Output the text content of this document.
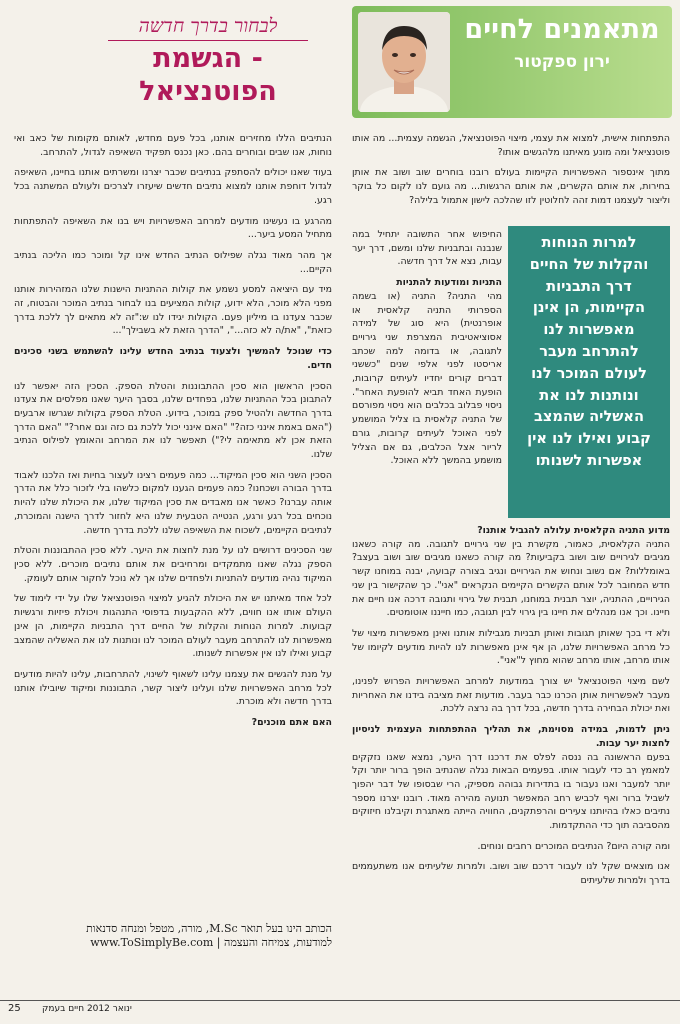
לבחור בדרך חדשה
- הגשמת
הפוטנציאל
מתאמנים לחיים
ירון ספקטור

התפתחות אישית, למצוא את עצמי, מיצוי הפוטנציאל, הגשמה עצמית... מה אותו פוטנציאל ומה מונע מאיתנו מלהגשים אותו?

מתוך אינספור האפשרויות הקיימות בעולם רובנו בוחרים שוב ושוב את אותן בחירות, את אותם הקשרים, את אותם הרגשות... מה גועם לנו לקום כל בוקר וליצור לעצמנו דמות זהה לחלוטין לזו שהלכה לישון אתמול בלילה?

החיפוש אחר התשובה יתחיל במה שנבנה ובתבניות שלנו ומשם, דרך יער עבות, נצא אל דרך חדשה.

התניות ומודעות להתניות

מהי התניה? התניה (או בשמה הספרותי התניה קלאסית או אופרנטית) היא סוג של למידה אסוציאטיבית המצרפת שני גירויים לתגובה, או בדומה למה שכתב אריסטו לפני אלפי שנים "כששני דברים קורים יחדיו לעיתים קרובות, הופעת האחד תביא להופעת האחר". ניסוי פבלוב בכלבים הוא ניסוי מפורסם של התניה קלאסית בו צליל המושמע לפני האוכל לעיתים קרובות, גורם לריור אצל הכלבים, גם אם הצליל מושמע בהמשך ללא האוכל.

למרות הנוחות
והקלות של החיים
דרך התבניות
הקיימות, הן אינן
מאפשרות לנו
להתרחב מעבר
לעולם המוכר לנו
ונותנות לנו את
האשליה שהמצב
קבוע ואילו לנו אין
אפשרות לשנותו

מדוע התניה הקלאסית עלולה להגביל אותנו?

התניה הקלאסית, כאמור, מקשרת בין שני גירויים לתגובה. מה קורה כשאנו מגיבים לגירויים שוב ושוב בקביעות? מה קורה כשאנו מגיבים שוב ושוב בעצב? באומללות? אם נשוב ונחוש את הגירויים ונגיב בצורה קבועה, יבנה במוחנו קשר חדש המחובר לכל אותם הקשרים הקיימים הנקראים "אני". כך שהקישור בין שני הגירויים, ההתניה, יוצר תבנית במוחנו, תבנית של גירוי ותגובה דרכה אנו חיים את חיינו. וכך אנו מנהלים את חיינו בין גירוי לבין תגובה, כמו חייננו אוטומטים.

ולא די בכך שאותן תגובות ואותן תבניות מגבילות אותנו ואינן מאפשרות מיצוי של כל מרחב האפשרויות שלנו, הן אף אינן מאפשרות לנו להיות מודעים לקיומו של אותו מרחב, אותו מרחב שהוא מחוץ ל"אני".

לשם מיצוי הפוטנציאל יש צורך במודעות למרחב האפשרויות הפרוש לפנינו, מעבר לאפשרויות אותן הכרנו כבר בעבר. מודעות זאת מציבה בידנו את האחריות ואת יכולת הבחירה בדרך חדשה, בכל דרך בה נרצה ללכת.

ניתן לדמות, במידה מסוימת, את תהליך ההתפתחות העצמית לניסיון לחצות יער עבות.

בפעם הראשונה בה ננסה לפלס את דרכנו דרך היער, נמצא שאנו נזקקים למאמץ רב כדי לעבור אותו. בפעמים הבאות נגלה שהנתיב הופך ברור יותר וקל יותר למעבר ואנו נעבור בו בתדירות גבוהה מספיק, הרי שבסופו של דבר יהפוך לשביל ברור ואף לכביש רחב המאפשר תנועה מהירה מאוד. רובנו יצרנו מספר נתיבים כאלו בהיותנו צעירים והרפתקנים, החוויה הייתה מאתגרת וקיבלנו חיזוקים מהסביבה תוך כדי ההתקדמות.

ומה קורה היום? הנתיבים המוכרים רחבים ונוחים.

אנו מוצאים שקל לנו לעבור דרכם שוב ושוב. ולמרות שלעיתים אנו משתעממים בדרך ולמרות שלעיתים

הנתיבים הללו מחזירים אותנו, בכל פעם מחדש, לאותם מקומות של כאב ואי נוחות, אנו שבים ובוחרים בהם. כאן נכנס תפקיד השאיפה לגדול, להתרחב.

בעוד שאנו יכולים להסתפק בנתיבים שכבר יצרנו ומשרתים אותנו בחיינו, השאיפה לגדול דוחפת אותנו למצוא נתיבים חדשים שיעזרו לצרכים ולעולם המשתנה בכל רגע.

מהרגע בו נעשינו מודעים למרחב האפשרויות ויש בנו את השאיפה להתפתחות מתחיל המסע ביער...

אך מהר מאוד נגלה שפילוס הנתיב החדש אינו קל ומוכר כמו הליכה בנתיב הקיים...

מיד עם היציאה למסע נשמע את קולות ההתניות הישנות שלנו המזהירות אותנו מפני הלא מוכר, הלא ידוע, קולות המציעים בנו לבחור בנתיב המוכר והבטוח, זה שכבר צעדנו בו מיליון פעם. הקולות יגידו לנו ש:"זה לא מתאים לך ללכת בדרך כזאת", "את/ה לא כזה...", "הדרך הזאת לא בשבילך"...

כדי שנוכל להמשיך ולצעוד בנתיב החדש עלינו להשתמש בשני סכינים חדים.

הסכין הראשון הוא סכין ההתבוננות והטלת הספק. הסכין הזה יאפשר לנו להתבונן בכל ההתניות שלנו, בפחדים שלנו, בסבך היער שאנו מפלסים את צעדנו בדרך החדשה ולהטיל ספק במוכר, בידוע. הטלת הספק בקולות שגרשו ארבעים ("האם באמת אינני כזה?" "האם אינני יכול ללכת גם כזה וגם אחר?" "האם הדרך הזאת אכן לא מתאימה לי?") תאפשר לנו את המרחב והאומץ לפילוס הנתיב שלנו.

הסכין השני הוא סכין המיקוד... כמה פעמים רצינו לעצור בחיות ואז הלכנו לאבוד בדרך הבורה ושכחנו? כמה פעמים הגענו למקום כלשהו בלי לזכור כלל את הדרך אותה עברנו? כאשר אנו מאבדים את סכין המיקוד שלנו, את היכולת שלנו להיות נוכחים בכל רגע ורגע, הנטייה הטבעית שלנו היא לחזור לדרך הישנה והמוכרת, לנתיבים הקיימים, לשכוח את השאיפה שלנו ללכת בדרך חדשה.

שני הסכינים דרושים לנו על מנת לחצות את היער. ללא סכין ההתבוננות והטלת הספק נגלה שאנו מתמקדים ומרחיבים את אותם נתיבים מוכרים. ללא סכין המיקוד נהיה מודעים להתניות ולפחדים שלנו אך לא נוכל לחקור אותם לעומק.

לכל אחד מאיתנו יש את היכולת להגיע למיצוי הפוטנציאל שלו על ידי לימוד של העולם אותו אנו חווים, ללא ההקבעות בדפוסי התנהגות ויכולת פיזיות ורגשיות קבועות. למרות הנוחות והקלות של החיים דרך התבניות הקיימות, הן אינן מאפשרות לנו להתרחב מעבר לעולם המוכר לנו ונותנות לנו את האשליה שהמצב קבוע ואילו לנו אין אפשרות לשנותו.

על מנת להגשים את עצמנו עלינו לשאוף לשינוי, להתרחבות, עלינו להיות מודעים לכל מרחב האפשרויות שלנו ועלינו ליצור קשר, התבוננות ומיקוד שיובילו אותנו בדרך חדשה ולא מוכרת.

האם אתם מוכנים?

הכותב הינו בעל תואר M.Sc, מורה, מטפל ומנחה סדנאות
למודעות, צמיחה והעצמה | www.ToSimplyBe.com
25 ינואר 2012 חיים בעמק
